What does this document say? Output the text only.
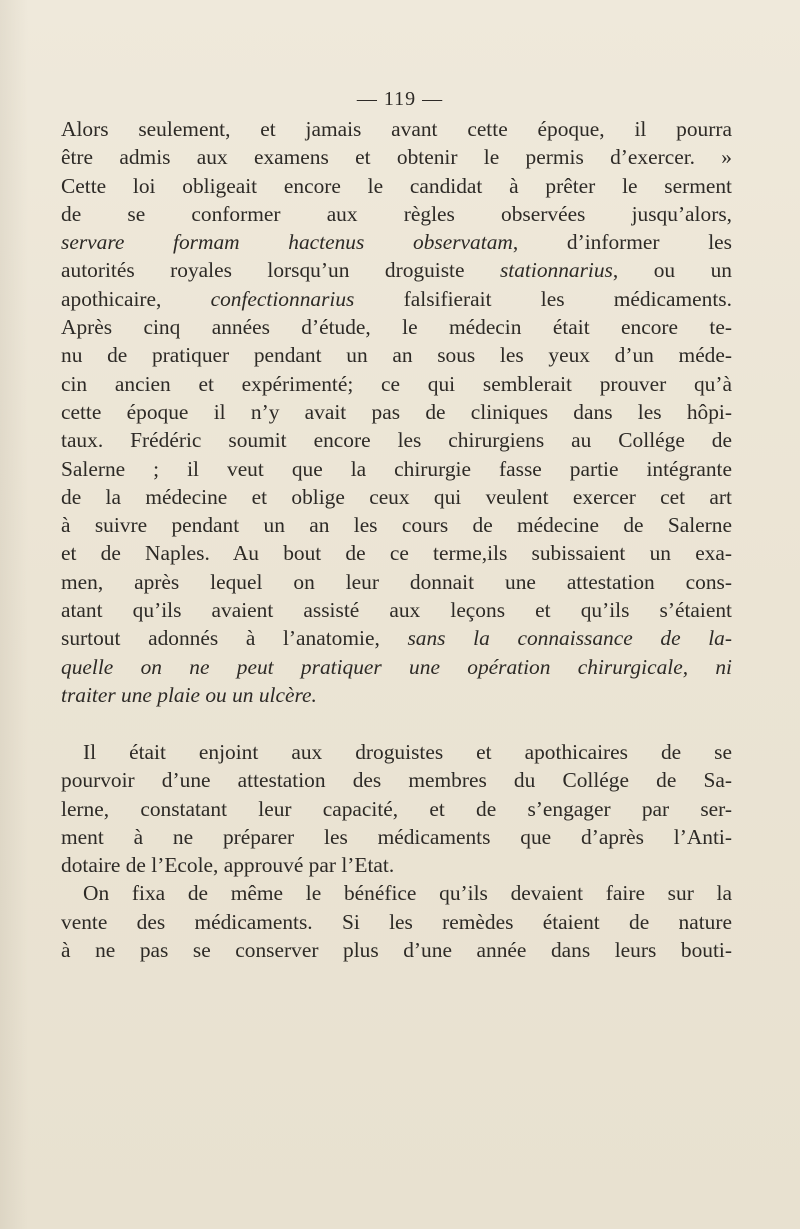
— 119 —
Alors seulement, et jamais avant cette époque, il pourra
être admis aux examens et obtenir le permis d’exercer. »
Cette loi obligeait encore le candidat à prêter le serment
de se conformer aux règles observées jusqu’alors,
servare formam hactenus observatam, d’informer les
autorités royales lorsqu’un droguiste stationnarius, ou un
apothicaire, confectionnarius falsifierait les médicaments.
Après cinq années d’étude, le médecin était encore te-
nu de pratiquer pendant un an sous les yeux d’un méde-
cin ancien et expérimenté; ce qui semblerait prouver qu’à
cette époque il n’y avait pas de cliniques dans les hôpi-
taux. Frédéric soumit encore les chirurgiens au Collége de
Salerne ; il veut que la chirurgie fasse partie intégrante
de la médecine et oblige ceux qui veulent exercer cet art
à suivre pendant un an les cours de médecine de Salerne
et de Naples. Au bout de ce terme,ils subissaient un exa-
men, après lequel on leur donnait une attestation cons-
atant qu’ils avaient assisté aux leçons et qu’ils s’étaient
surtout adonnés à l’anatomie, sans la connaissance de la-
quelle on ne peut pratiquer une opération chirurgicale, ni
traiter une plaie ou un ulcère.
Il était enjoint aux droguistes et apothicaires de se
pourvoir d’une attestation des membres du Collége de Sa-
lerne, constatant leur capacité, et de s’engager par ser-
ment à ne préparer les médicaments que d’après l’Anti-
dotaire de l’Ecole, approuvé par l’Etat.
On fixa de même le bénéfice qu’ils devaient faire sur la
vente des médicaments. Si les remèdes étaient de nature
à ne pas se conserver plus d’une année dans leurs bouti-
